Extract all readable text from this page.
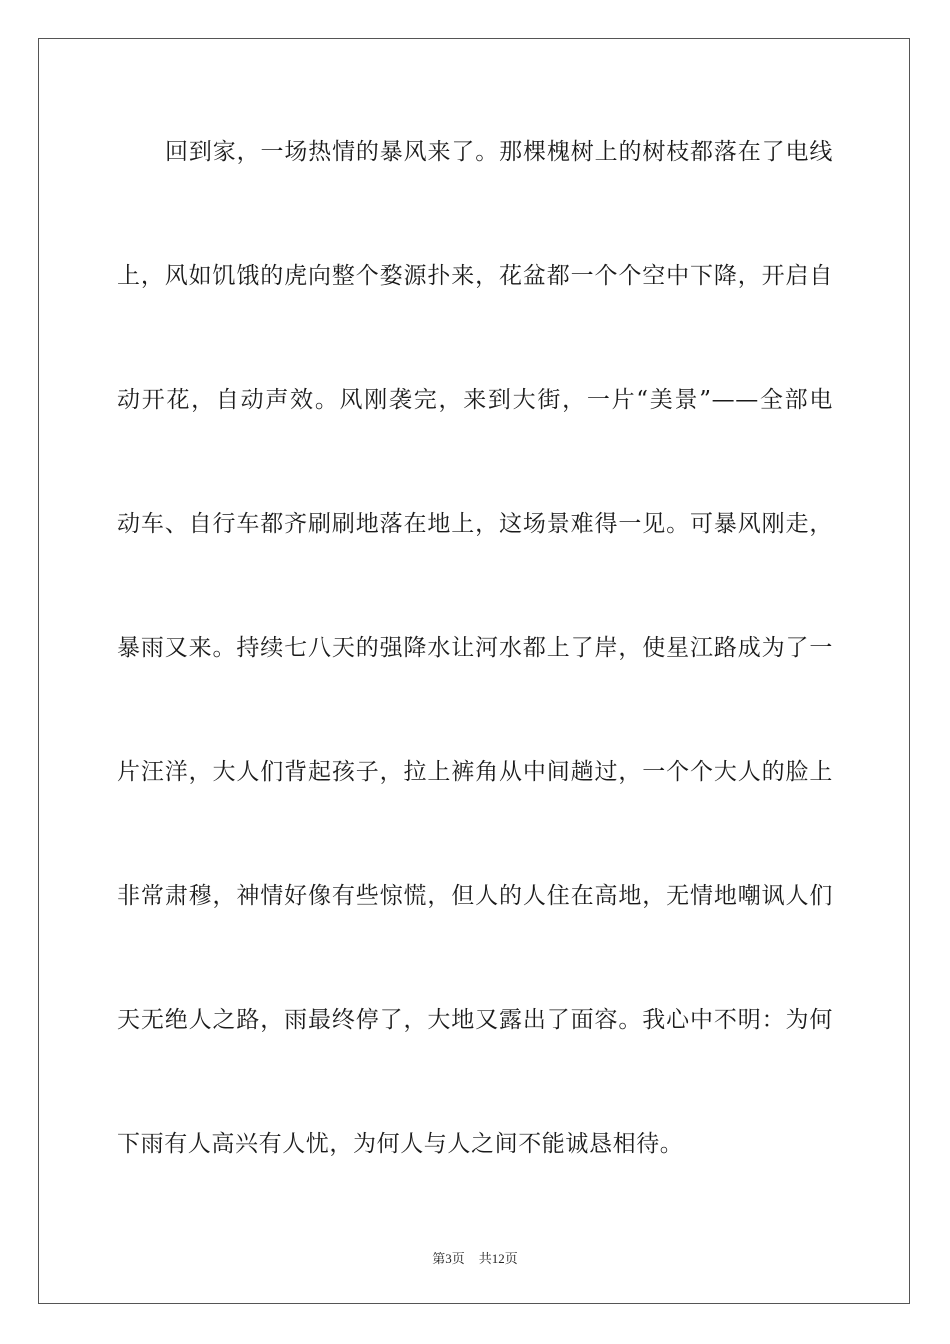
回到家，一场热情的暴风来了。那棵槐树上的树枝都落在了电线
上，风如饥饿的虎向整个婺源扑来，花盆都一个个空中下降，开启自
动开花，自动声效。风刚袭完，来到大街，一片“美景”——全部电
动车、自行车都齐刷刷地落在地上，这场景难得一见。可暴风刚走，
暴雨又来。持续七八天的强降水让河水都上了岸，使星江路成为了一
片汪洋，大人们背起孩子，拉上裤角从中间趟过，一个个大人的脸上
非常肃穆，神情好像有些惊慌，但人的人住在高地，无情地嘲讽人们
天无绝人之路，雨最终停了，大地又露出了面容。我心中不明：为何
下雨有人高兴有人忧，为何人与人之间不能诚恳相待。
第3页 共12页
